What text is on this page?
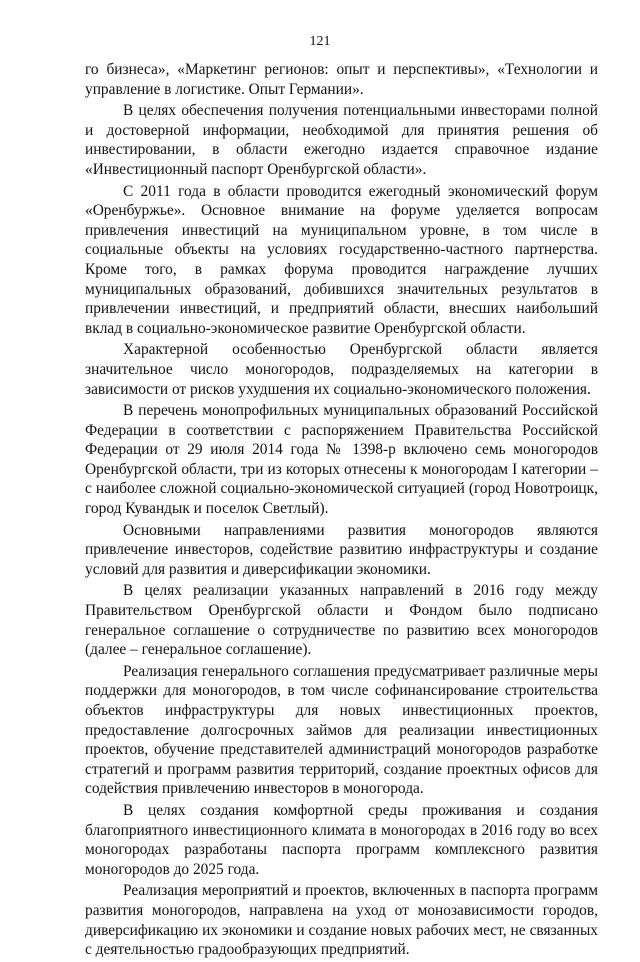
121

го бизнеса», «Маркетинг регионов: опыт и перспективы», «Технологии и управление в логистике. Опыт Германии».

В целях обеспечения получения потенциальными инвесторами полной и достоверной информации, необходимой для принятия решения об инвестировании, в области ежегодно издается справочное издание «Инвестиционный паспорт Оренбургской области».

С 2011 года в области проводится ежегодный экономический форум «Оренбуржье». Основное внимание на форуме уделяется вопросам привлечения инвестиций на муниципальном уровне, в том числе в социальные объекты на условиях государственно-частного партнерства. Кроме того, в рамках форума проводится награждение лучших муниципальных образований, добившихся значительных результатов в привлечении инвестиций, и предприятий области, внесших наибольший вклад в социально-экономическое развитие Оренбургской области.

Характерной особенностью Оренбургской области является значительное число моногородов, подразделяемых на категории в зависимости от рисков ухудшения их социально-экономического положения.

В перечень монопрофильных муниципальных образований Российской Федерации в соответствии с распоряжением Правительства Российской Федерации от 29 июля 2014 года № 1398-р включено семь моногородов Оренбургской области, три из которых отнесены к моногородам I категории – с наиболее сложной социально-экономической ситуацией (город Новотроицк, город Кувандык и поселок Светлый).

Основными направлениями развития моногородов являются привлечение инвесторов, содействие развитию инфраструктуры и создание условий для развития и диверсификации экономики.

В целях реализации указанных направлений в 2016 году между Правительством Оренбургской области и Фондом было подписано генеральное соглашение о сотрудничестве по развитию всех моногородов (далее – генеральное соглашение).

Реализация генерального соглашения предусматривает различные меры поддержки для моногородов, в том числе софинансирование строительства объектов инфраструктуры для новых инвестиционных проектов, предоставление долгосрочных займов для реализации инвестиционных проектов, обучение представителей администраций моногородов разработке стратегий и программ развития территорий, создание проектных офисов для содействия привлечению инвесторов в моногорода.

В целях создания комфортной среды проживания и создания благоприятного инвестиционного климата в моногородах в 2016 году во всех моногородах разработаны паспорта программ комплексного развития моногородов до 2025 года.

Реализация мероприятий и проектов, включенных в паспорта программ развития моногородов, направлена на уход от монозависимости городов, диверсификацию их экономики и создание новых рабочих мест, не связанных с деятельностью градообразующих предприятий.
